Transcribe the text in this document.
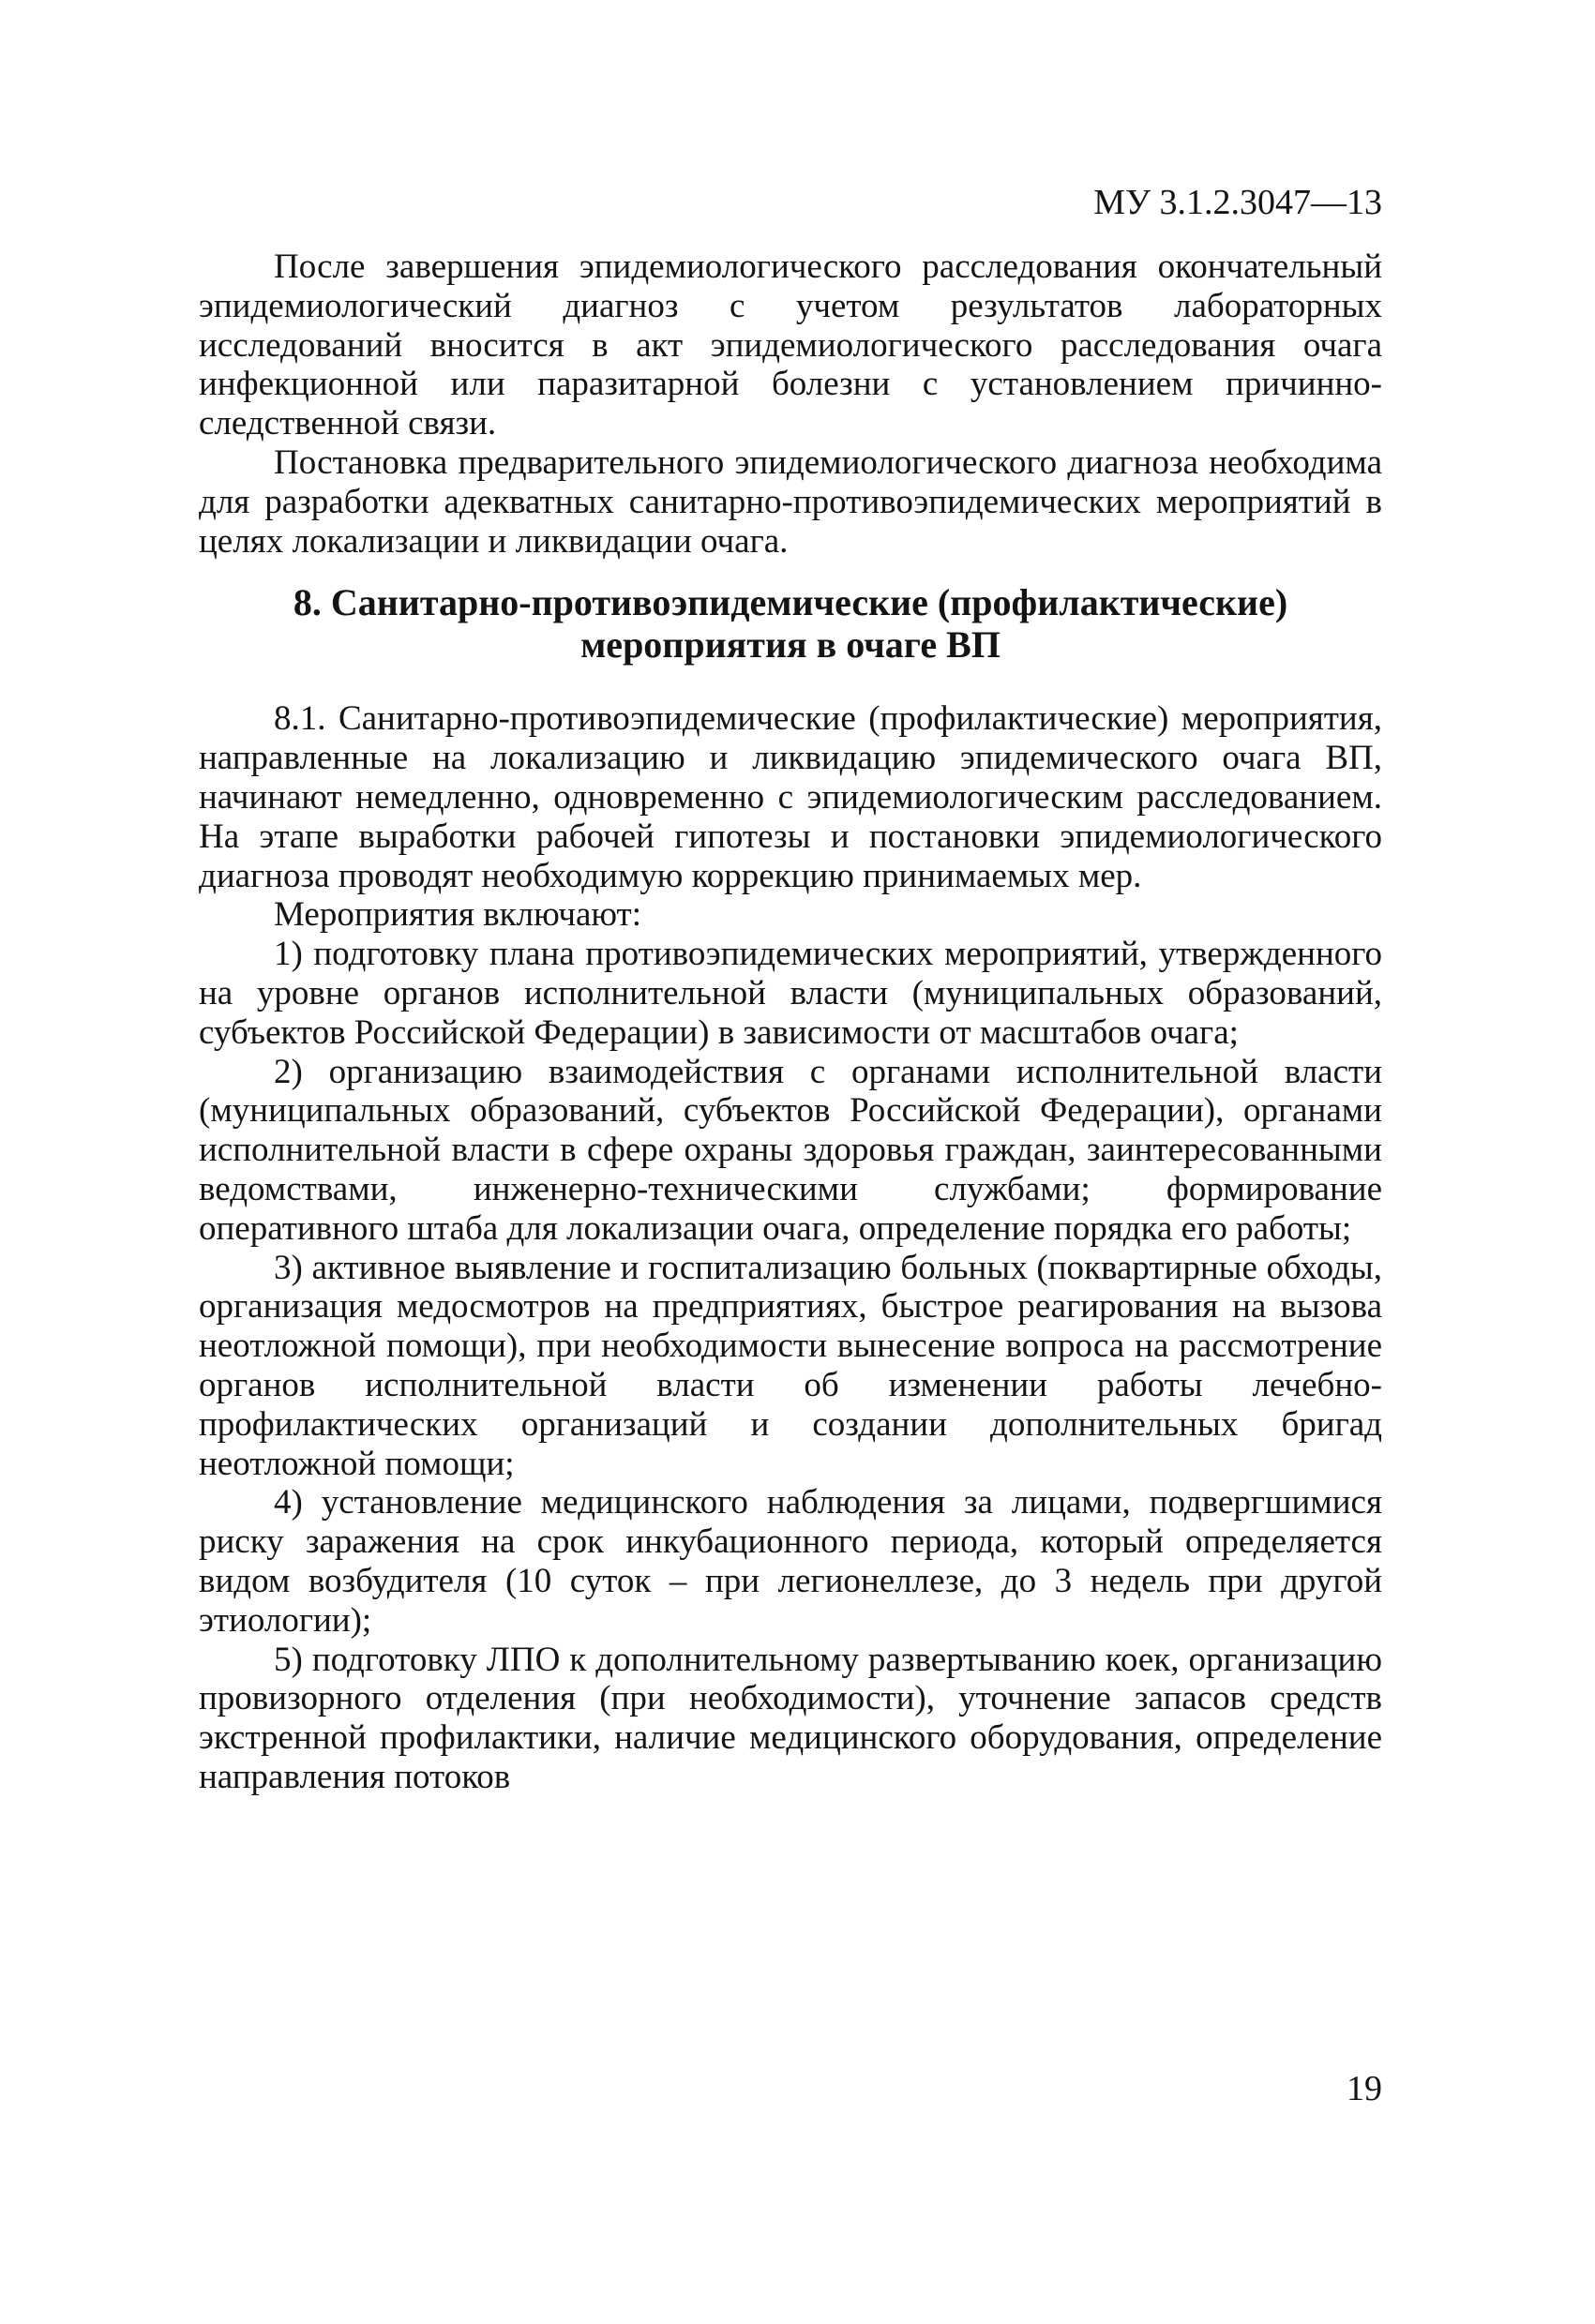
МУ 3.1.2.3047—13

После завершения эпидемиологического расследования окончательный эпидемиологический диагноз с учетом результатов лабораторных исследований вносится в акт эпидемиологического расследования очага инфекционной или паразитарной болезни с установлением причинно-следственной связи.

Постановка предварительного эпидемиологического диагноза необходима для разработки адекватных санитарно-противоэпидемических мероприятий в целях локализации и ликвидации очага.

8. Санитарно-противоэпидемические (профилактические)
мероприятия в очаге ВП

8.1. Санитарно-противоэпидемические (профилактические) мероприятия, направленные на локализацию и ликвидацию эпидемического очага ВП, начинают немедленно, одновременно с эпидемиологическим расследованием. На этапе выработки рабочей гипотезы и постановки эпидемиологического диагноза проводят необходимую коррекцию принимаемых мер.

Мероприятия включают:

1) подготовку плана противоэпидемических мероприятий, утвержденного на уровне органов исполнительной власти (муниципальных образований, субъектов Российской Федерации) в зависимости от масштабов очага;

2) организацию взаимодействия с органами исполнительной власти (муниципальных образований, субъектов Российской Федерации), органами исполнительной власти в сфере охраны здоровья граждан, заинтересованными ведомствами, инженерно-техническими службами; формирование оперативного штаба для локализации очага, определение порядка его работы;

3) активное выявление и госпитализацию больных (поквартирные обходы, организация медосмотров на предприятиях, быстрое реагирования на вызова неотложной помощи), при необходимости вынесение вопроса на рассмотрение органов исполнительной власти об изменении работы лечебно-профилактических организаций и создании дополнительных бригад неотложной помощи;

4) установление медицинского наблюдения за лицами, подвергшимися риску заражения на срок инкубационного периода, который определяется видом возбудителя (10 суток – при легионеллезе, до 3 недель при другой этиологии);

5) подготовку ЛПО к дополнительному развертыванию коек, организацию провизорного отделения (при необходимости), уточнение запасов средств экстренной профилактики, наличие медицинского оборудования, определение направления потоков

19
